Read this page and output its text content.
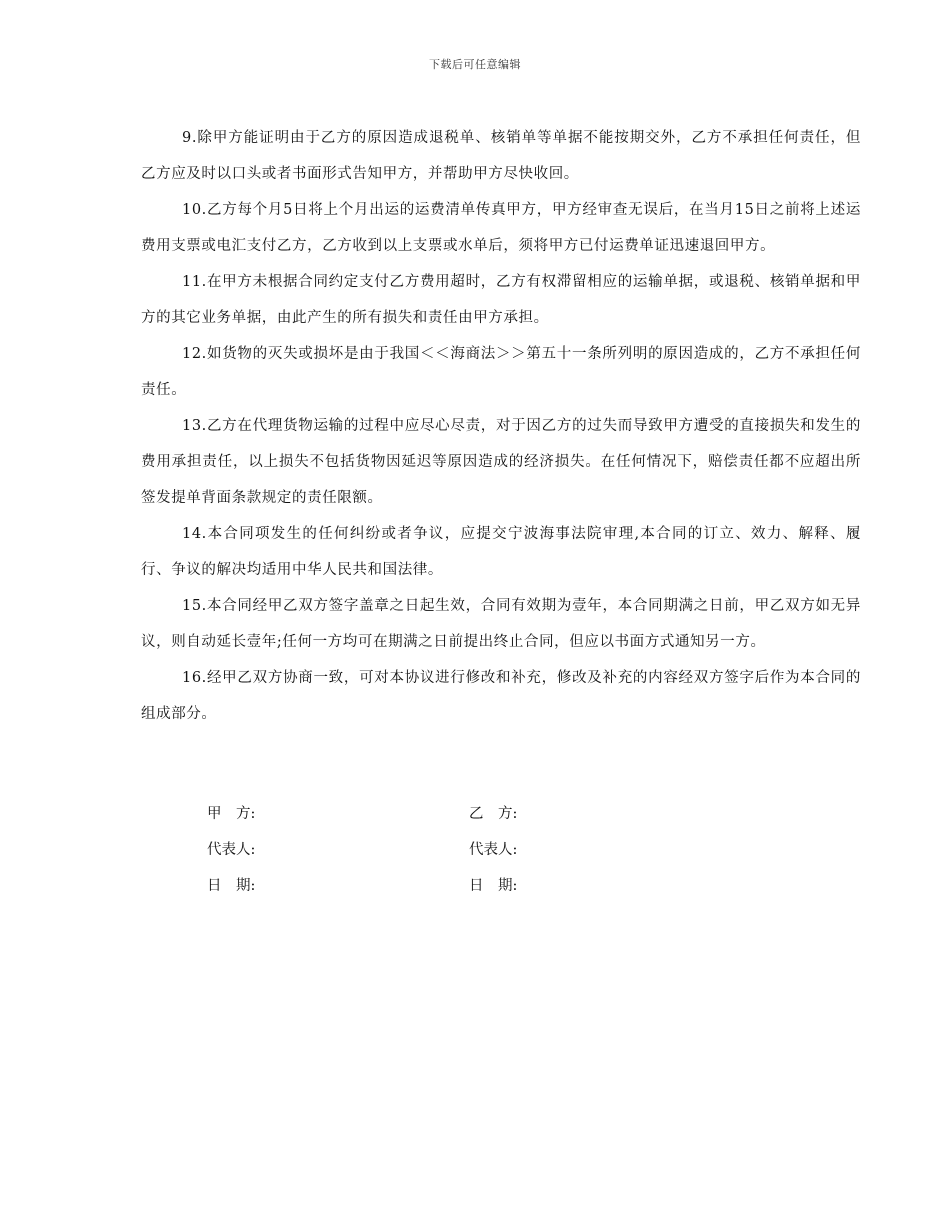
下载后可任意编辑

9.除甲方能证明由于乙方的原因造成退税单、核销单等单据不能按期交外，乙方不承担任何责任，但乙方应及时以口头或者书面形式告知甲方，并帮助甲方尽快收回。

10.乙方每个月5日将上个月出运的运费清单传真甲方，甲方经审查无误后，在当月15日之前将上述运费用支票或电汇支付乙方，乙方收到以上支票或水单后，须将甲方已付运费单证迅速退回甲方。

11.在甲方未根据合同约定支付乙方费用超时，乙方有权滞留相应的运输单据，或退税、核销单据和甲方的其它业务单据，由此产生的所有损失和责任由甲方承担。

12.如货物的灭失或损坏是由于我国＜＜海商法＞＞第五十一条所列明的原因造成的，乙方不承担任何责任。

13.乙方在代理货物运输的过程中应尽心尽责，对于因乙方的过失而导致甲方遭受的直接损失和发生的费用承担责任，以上损失不包括货物因延迟等原因造成的经济损失。在任何情况下，赔偿责任都不应超出所签发提单背面条款规定的责任限额。

14.本合同项发生的任何纠纷或者争议，应提交宁波海事法院审理,本合同的订立、效力、解释、履行、争议的解决均适用中华人民共和国法律。

15.本合同经甲乙双方签字盖章之日起生效，合同有效期为壹年，本合同期满之日前，甲乙双方如无异议，则自动延长壹年;任何一方均可在期满之日前提出终止合同，但应以书面方式通知另一方。

16.经甲乙双方协商一致，可对本协议进行修改和补充，修改及补充的内容经双方签字后作为本合同的组成部分。

甲　方:	乙　方:
代表人:	代表人:
日　期:	日　期:
